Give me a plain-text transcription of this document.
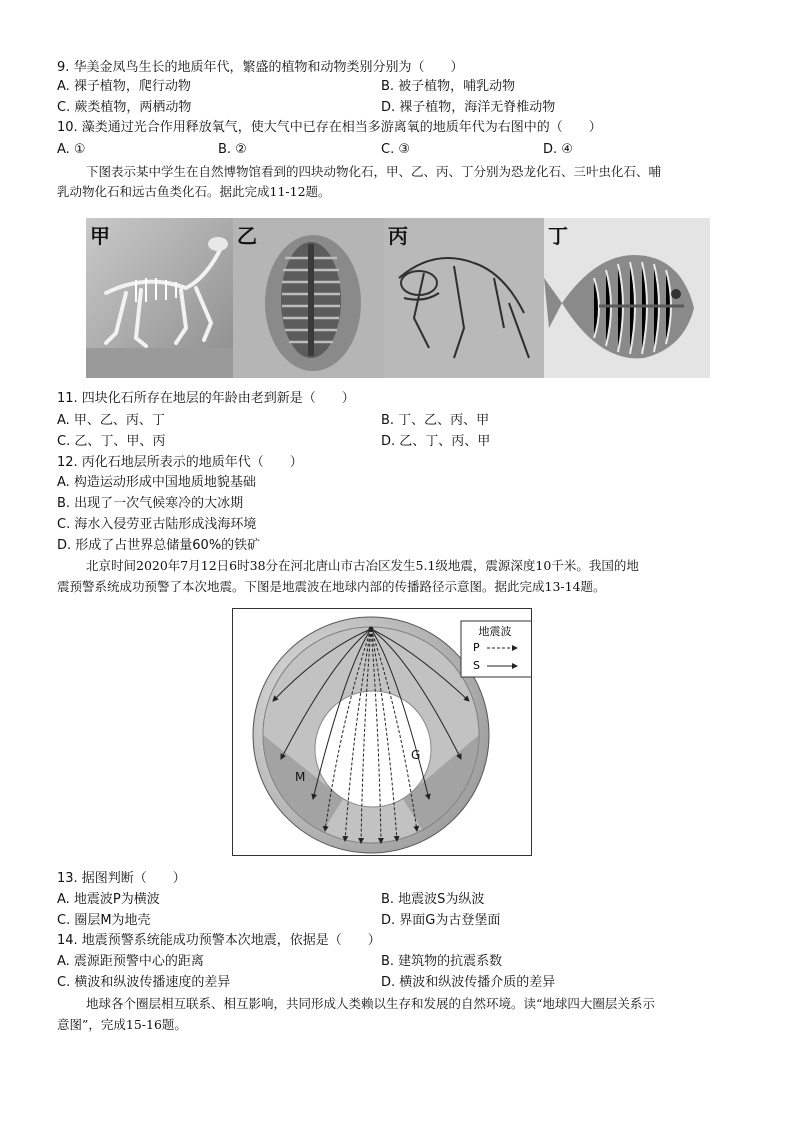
9. 华美金凤鸟生长的地质年代，繁盛的植物和动物类别分别为（　　）
A. 裸子植物，爬行动物	B. 被子植物，哺乳动物
C. 蕨类植物，两栖动物	D. 裸子植物，海洋无脊椎动物
10. 藻类通过光合作用释放氧气，使大气中已存在相当多游离氧的地质年代为右图中的（　　）
A. ①	B. ②	C. ③	D. ④
下图表示某中学生在自然博物馆看到的四块动物化石，甲、乙、丙、丁分别为恐龙化石、三叶虫化石、哺
乳动物化石和远古鱼类化石。据此完成11-12题。
甲	乙	丙	丁
11. 四块化石所存在地层的年龄由老到新是（　　）
A. 甲、乙、丙、丁	B. 丁、乙、丙、甲
C. 乙、丁、甲、丙	D. 乙、丁、丙、甲
12. 丙化石地层所表示的地质年代（　　）
A. 构造运动形成中国地质地貌基础
B. 出现了一次气候寒冷的大冰期
C. 海水入侵劳亚古陆形成浅海环境
D. 形成了占世界总储量60%的铁矿
北京时间2020年7月12日6时38分在河北唐山市古冶区发生5.1级地震，震源深度10千米。我国的地
震预警系统成功预警了本次地震。下图是地震波在地球内部的传播路径示意图。据此完成13-14题。
地震波
P
S
M
G
13. 据图判断（　　）
A. 地震波P为横波	B. 地震波S为纵波
C. 圈层M为地壳	D. 界面G为古登堡面
14. 地震预警系统能成功预警本次地震，依据是（　　）
A. 震源距预警中心的距离	B. 建筑物的抗震系数
C. 横波和纵波传播速度的差异	D. 横波和纵波传播介质的差异
地球各个圈层相互联系、相互影响，共同形成人类赖以生存和发展的自然环境。读“地球四大圈层关系示
意图”，完成15-16题。
